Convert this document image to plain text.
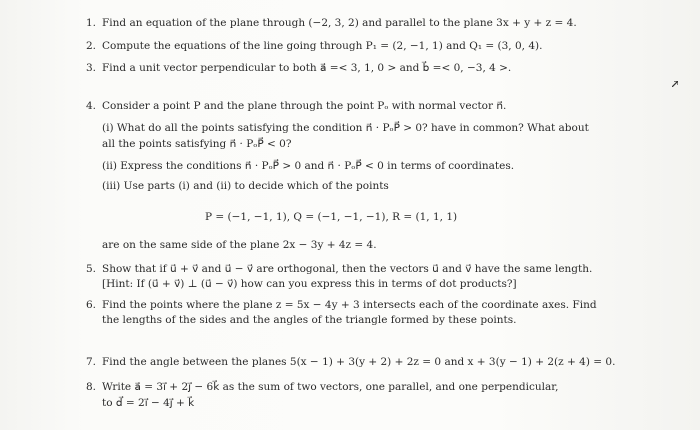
1. Find an equation of the plane through (−2, 3, 2) and parallel to the plane 3x + y + z = 4.
2. Compute the equations of the line going through P₁ = (2, −1, 1) and Q₁ = (3, 0, 4).
3. Find a unit vector perpendicular to both a⃗ =< 3, 1, 0 > and b⃗ =< 0, −3, 4 >.
4. Consider a point P and the plane through the point Pₒ with normal vector n⃗.
(i) What do all the points satisfying the condition n⃗ · PₒP⃗ > 0? have in common? What about
all the points satisfying n⃗ · PₒP⃗ < 0?
(ii) Express the conditions n⃗ · PₒP⃗ > 0 and n⃗ · PₒP⃗ < 0 in terms of coordinates.
(iii) Use parts (i) and (ii) to decide which of the points
P = (−1, −1, 1), Q = (−1, −1, −1), R = (1, 1, 1)
are on the same side of the plane 2x − 3y + 4z = 4.
5. Show that if u⃗ + v⃗ and u⃗ − v⃗ are orthogonal, then the vectors u⃗ and v⃗ have the same length.
[Hint: If (u⃗ + v⃗) ⊥ (u⃗ − v⃗) how can you express this in terms of dot products?]
6. Find the points where the plane z = 5x − 4y + 3 intersects each of the coordinate axes. Find
the lengths of the sides and the angles of the triangle formed by these points.
7. Find the angle between the planes 5(x − 1) + 3(y + 2) + 2z = 0 and x + 3(y − 1) + 2(z + 4) = 0.
8. Write a⃗ = 3i⃗ + 2j⃗ − 6k⃗ as the sum of two vectors, one parallel, and one perpendicular,
to d⃗ = 2i⃗ − 4j⃗ + k⃗
